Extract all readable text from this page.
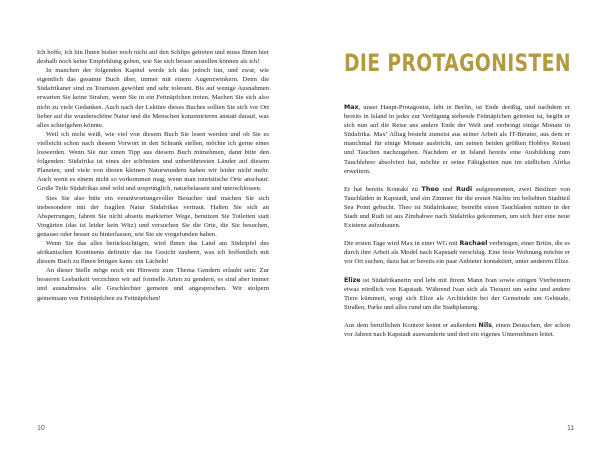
Ich hoffe, ich bin Ihnen bisher noch nicht auf den Schlips getreten und muss Ihnen hier deshalb noch keine Empfehlung geben, wie Sie sich besser anstellen können als ich!

In manchen der folgenden Kapitel werde ich das jedoch tun, und zwar, wie eigentlich das gesamte Buch über, immer mit einem Augenzwinkern. Denn die Südafrikaner sind zu Touristen gewöhnt und sehr tolerant. Bis auf wenige Ausnahmen erwarten Sie keine Strafen, wenn Sie in ein Fettnäpfchen treten. Machen Sie sich also nicht zu viele Gedanken. Auch nach der Lektüre dieses Buches sollten Sie sich vor Ort lieber auf die wunderschöne Natur und die Menschen konzentrieren anstatt darauf, was alles schiefgehen könnte.

Weil ich nicht weiß, wie viel von diesem Buch Sie lesen werden und ob Sie es vielleicht schon nach diesem Vorwort in den Schrank stellen, möchte ich gerne eines loswerden. Wenn Sie nur einen Tipp aus diesem Buch mitnehmen, dann bitte den folgenden: Südafrika ist eines der schönsten und unberührtesten Länder auf diesem Planeten, und viele von diesen kleinen Naturwundern haben wir leider nicht mehr. Auch wenn es einem nicht so vorkommen mag, wenn man touristische Orte anschaut: Große Teile Südafrikas sind wild und ursprünglich, naturbelassen und unerschlossen.

Sies Sie also bitte ein verantwortungsvoller Besucher und machen Sie sich insbesondere mit der fragilen Natur Südafrikas vertraut. Halten Sie sich an Absperrungen, fahren Sie nicht abseits markierter Wege, benutzen Sie Toiletten statt Vorgärten (das ist leider kein Witz) und versuchen Sie die Orte, die Sie besuchen, genauso oder besser zu hinterlassen, wie Sie sie vorgefunden haben.

Wenn Sie das alles berücksichtigen, wird Ihnen das Land am Südzipfel des afrikanischen Kontinents definitiv das ins Gesicht zaubern, was ich hoffentlich mit diesem Buch zu Ihnen bringen kann: ein Lächeln!

An dieser Stelle möge noch ein Hinweis zum Thema Gendern erlaubt sein: Zur besseren Lesbarkeit verzichten wir auf formelle Arten zu gendern, es sind aber immer und ausnahmslos alle Geschlechter gemeint und angesprochen. Wir stolpern gemeinsam von Fettnäpfchen zu Fettnäpfchen!

10
DIE PROTAGONISTEN

Max, unser Haupt-Protagonist, lebt in Berlin, ist Ende dreißig, und nachdem er bereits in Island in jedes zur Verfügung stehende Fettnäpfchen getreten ist, begibt er sich nun auf die Reise ans andere Ende der Welt und verbringt einige Monate in Südafrika. Max’ Alltag besteht zumeist aus seiner Arbeit als IT-Berater, aus dem er manchmal für einige Monate ausbricht, um seinen beiden größten Hobbys Reisen und Tauchen nachzugehen. Nachdem er in Island bereits eine Ausbildung zum Tauchlehrer absolviert hat, möchte er seine Fähigkeiten nun im südlichen Afrika erweitern.

Er hat bereits Kontakt zu Theo und Rudi aufgenommen, zwei Besitzer von Tauchläden in Kapstadt, und ein Zimmer für die ersten Nächte im beliebten Stadtteil Sea Point gebucht. Theo ist Südafrikaner, betreibt einen Tauchladen mitten in der Stadt und Rudi ist aus Zimbabwe nach Südafrika gekommen, um sich hier eine neue Existenz aufzubauen.

Die ersten Tage wird Max in einer WG mit Rachael verbringen, einer Britin, die es durch ihre Arbeit als Model nach Kapstadt verschlug. Eine feste Wohnung möchte er vor Ort suchen, dazu hat er bereits ein paar Anbieter kontaktiert, unter anderem Elize.

Elize ist Südafrikanerin und lebt mit ihrem Mann Ivan sowie einigen Vierbeinern etwas nördlich von Kapstadt. Während Ivan sich als Tierarzt um seine und andere Tiere kümmert, sorgt sich Elize als Architektin bei der Gemeinde um Gebäude, Straßen, Parks und alles rund um die Stadtplanung.

Aus dem beruflichen Kontext kennt er außerdem Nils, einen Deutschen, der schon vor Jahren nach Kapstadt auswanderte und dort ein eigenes Unternehmen leitet.

11
